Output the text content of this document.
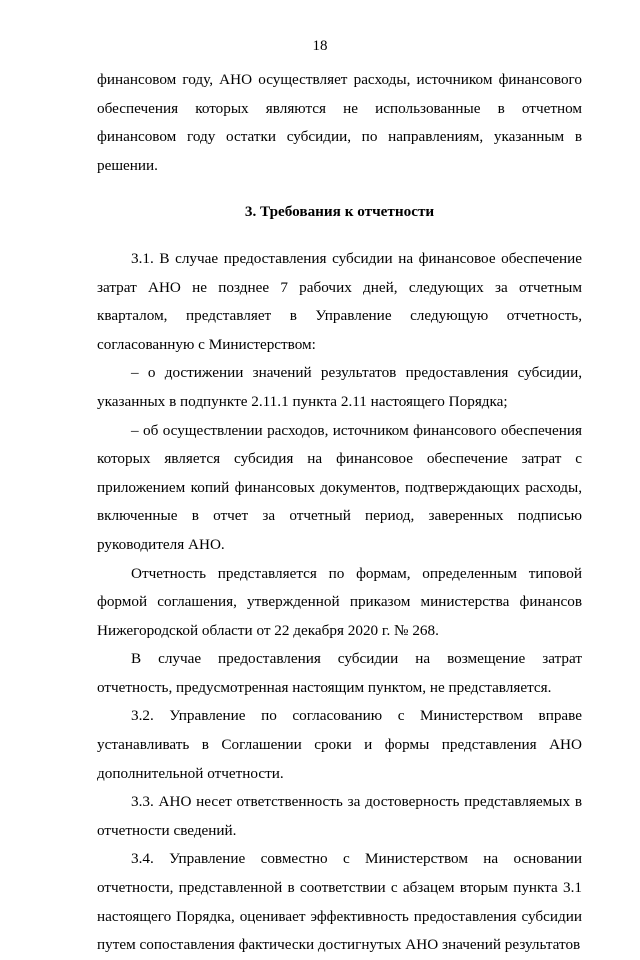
18

финансовом году, АНО осуществляет расходы, источником финансового обеспечения которых являются не использованные в отчетном финансовом году остатки субсидии, по направлениям, указанным в решении.

3. Требования к отчетности

3.1. В случае предоставления субсидии на финансовое обеспечение затрат АНО не позднее 7 рабочих дней, следующих за отчетным кварталом, представляет в Управление следующую отчетность, согласованную с Министерством:

– о достижении значений результатов предоставления субсидии, указанных в подпункте 2.11.1 пункта 2.11 настоящего Порядка;

– об осуществлении расходов, источником финансового обеспечения которых является субсидия на финансовое обеспечение затрат с приложением копий финансовых документов, подтверждающих расходы, включенные в отчет за отчетный период, заверенных подписью руководителя АНО.

Отчетность представляется по формам, определенным типовой формой соглашения, утвержденной приказом министерства финансов Нижегородской области от 22 декабря 2020 г. № 268.

В случае предоставления субсидии на возмещение затрат отчетность, предусмотренная настоящим пунктом, не представляется.

3.2. Управление по согласованию с Министерством вправе устанавливать в Соглашении сроки и формы представления АНО дополнительной отчетности.

3.3. АНО несет ответственность за достоверность представляемых в отчетности сведений.

3.4. Управление совместно с Министерством на основании отчетности, представленной в соответствии с абзацем вторым пункта 3.1 настоящего Порядка, оценивает эффективность предоставления субсидии путем сопоставления фактически достигнутых АНО значений результатов
